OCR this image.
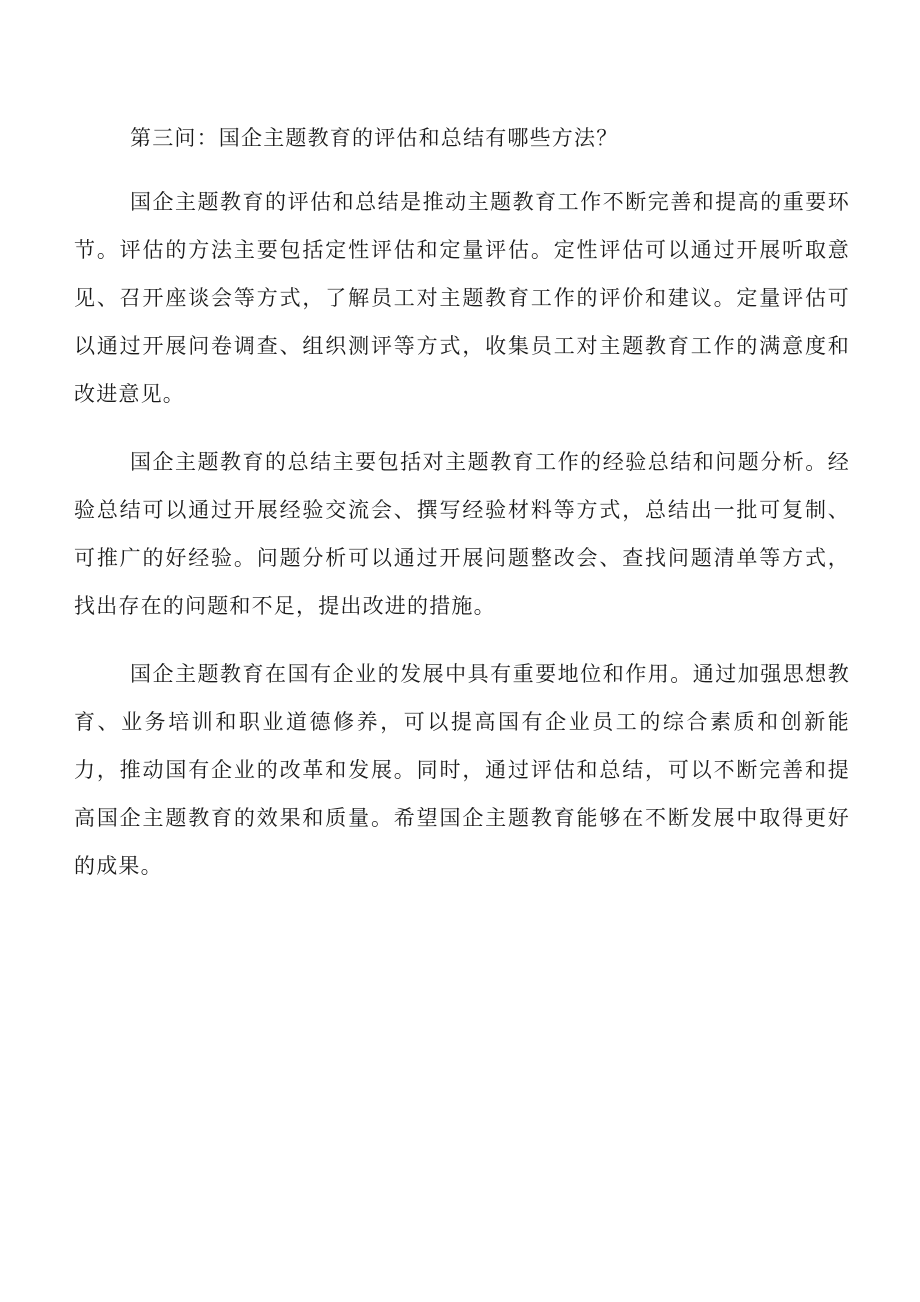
第三问：国企主题教育的评估和总结有哪些方法？

国企主题教育的评估和总结是推动主题教育工作不断完善和提高的重要环节。评估的方法主要包括定性评估和定量评估。定性评估可以通过开展听取意见、召开座谈会等方式，了解员工对主题教育工作的评价和建议。定量评估可以通过开展问卷调查、组织测评等方式，收集员工对主题教育工作的满意度和改进意见。

国企主题教育的总结主要包括对主题教育工作的经验总结和问题分析。经验总结可以通过开展经验交流会、撰写经验材料等方式，总结出一批可复制、可推广的好经验。问题分析可以通过开展问题整改会、查找问题清单等方式，找出存在的问题和不足，提出改进的措施。

国企主题教育在国有企业的发展中具有重要地位和作用。通过加强思想教育、业务培训和职业道德修养，可以提高国有企业员工的综合素质和创新能力，推动国有企业的改革和发展。同时，通过评估和总结，可以不断完善和提高国企主题教育的效果和质量。希望国企主题教育能够在不断发展中取得更好的成果。
